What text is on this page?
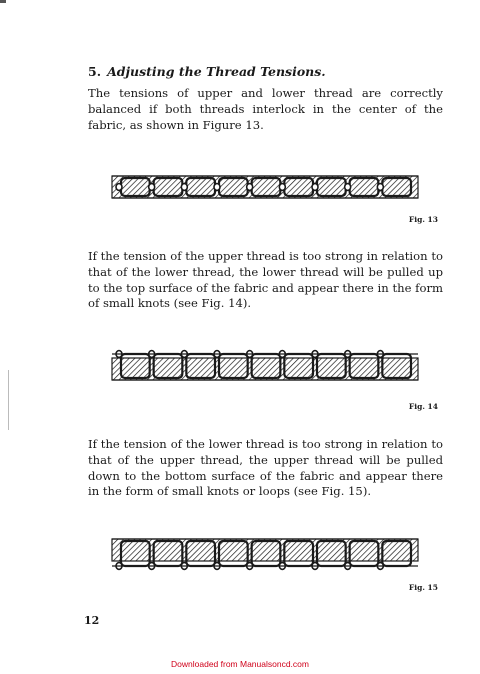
5. Adjusting the Thread Tensions.

The tensions of upper and lower thread are correctly balanced if both threads interlock in the center of the fabric, as shown in Figure 13.

Fig. 13

If the tension of the upper thread is too strong in relation to that of the lower thread, the lower thread will be pulled up to the top surface of the fabric and appear there in the form of small knots (see Fig. 14).

Fig. 14

If the tension of the lower thread is too strong in relation to that of the upper thread, the upper thread will be pulled down to the bottom surface of the fabric and appear there in the form of small knots or loops (see Fig. 15).

Fig. 15
12
Downloaded from Manualsoncd.com
